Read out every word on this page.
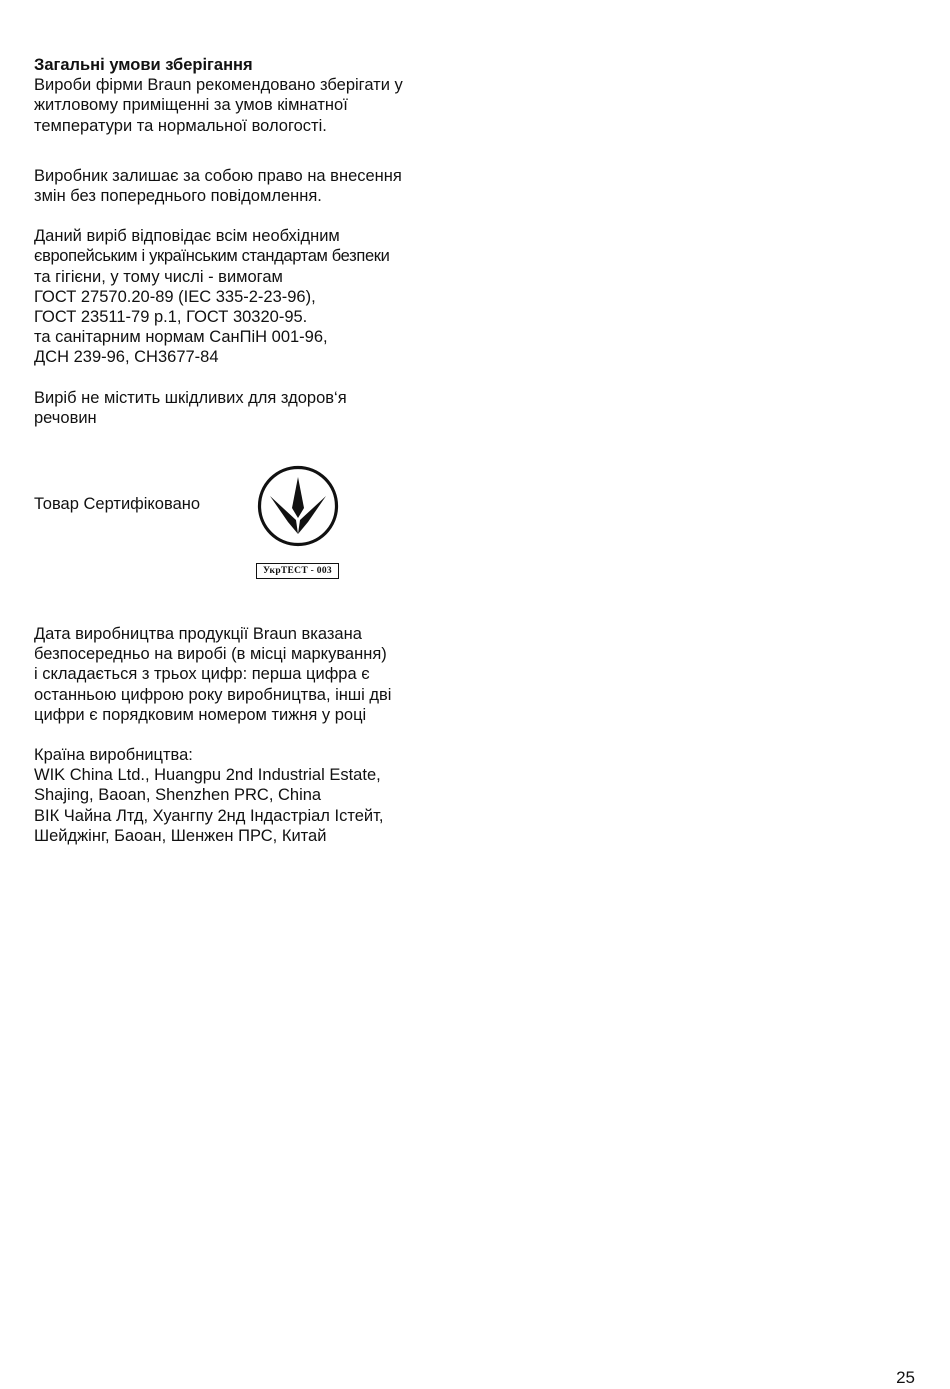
Загальні умови зберігання
Вироби фірми Braun рекомендовано зберігати у
житловому приміщенні за умов кімнатної
температури та нормальної вологості.
Виробник залишає за собою право на внесення
змін без попереднього повідомлення.
Даний виріб відповідає всім необхідним
європейським і українським стандартам безпеки
та гігієни, у тому числі - вимогам
ГОСТ 27570.20-89 (IEC 335-2-23-96),
ГОСТ 23511-79 р.1, ГОСТ 30320-95.
та санітарним нормам СанПіН 001-96,
ДСН 239-96, СН3677-84
Виріб не містить шкідливих для здоров‘я
речовин
Товар Сертифіковано
УкрТЕСТ - 003
Дата виробництва продукції Braun вказана
безпосередньо на виробі (в місці маркування)
і складається з трьох цифр: перша цифра є
останньою цифрою року виробництва, інші дві
цифри є порядковим номером тижня у році
Країна виробництва:
WIK China Ltd., Huangpu 2nd Industrial Estate,
Shajing, Baoan, Shenzhen PRC, China
ВІК Чайна Лтд, Хуангпу 2нд Індастріал Істейт,
Шейджінг, Баоан, Шенжен ПРС, Китай
25
